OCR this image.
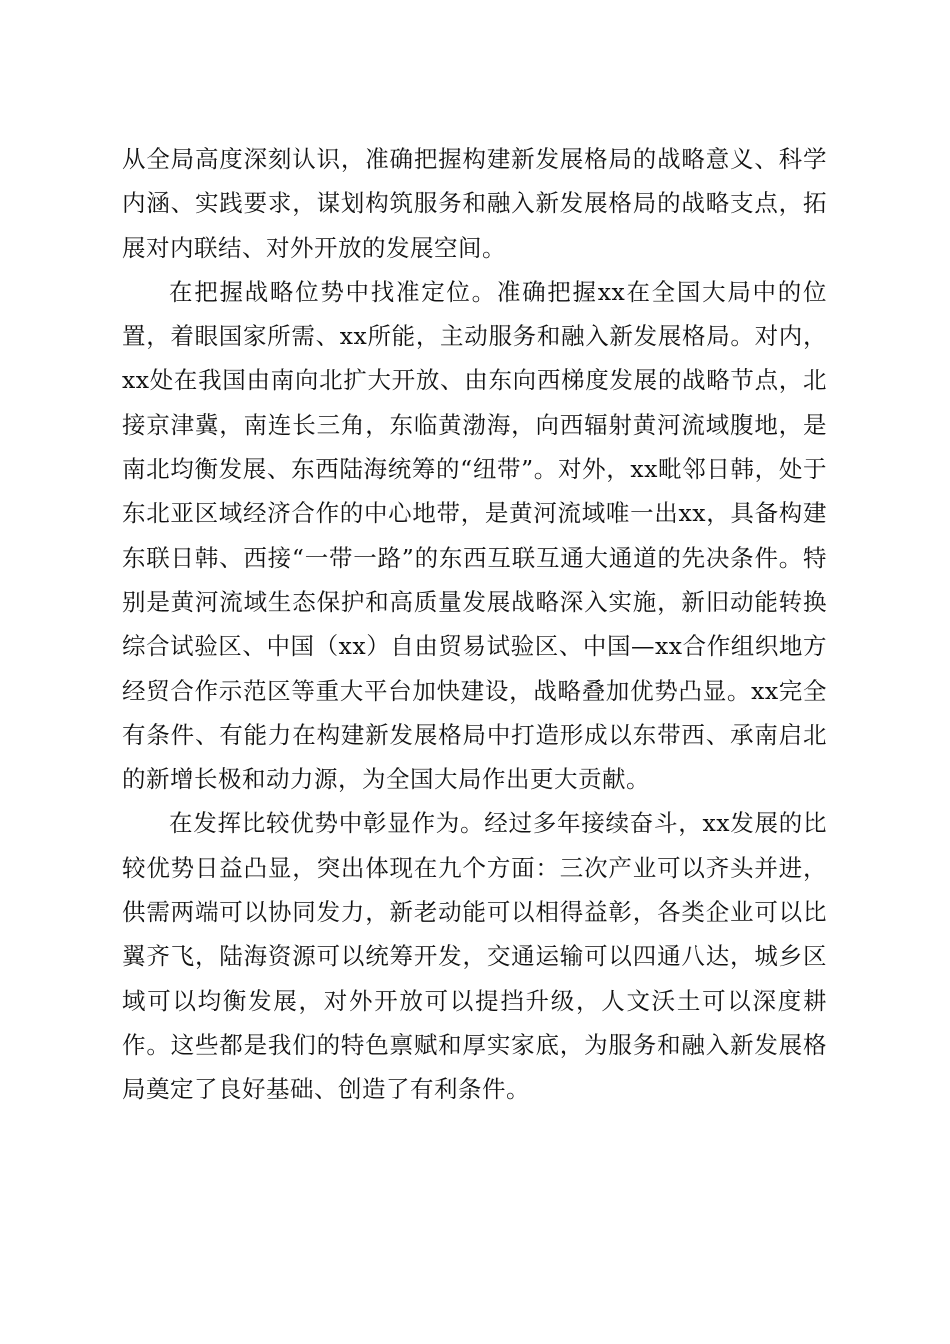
从全局高度深刻认识，准确把握构建新发展格局的战略意义、科学内涵、实践要求，谋划构筑服务和融入新发展格局的战略支点，拓展对内联结、对外开放的发展空间。

在把握战略位势中找准定位。准确把握xx在全国大局中的位置，着眼国家所需、xx所能，主动服务和融入新发展格局。对内，xx处在我国由南向北扩大开放、由东向西梯度发展的战略节点，北接京津冀，南连长三角，东临黄渤海，向西辐射黄河流域腹地，是南北均衡发展、东西陆海统筹的“纽带”。对外，xx毗邻日韩，处于东北亚区域经济合作的中心地带，是黄河流域唯一出xx，具备构建东联日韩、西接“一带一路”的东西互联互通大通道的先决条件。特别是黄河流域生态保护和高质量发展战略深入实施，新旧动能转换综合试验区、中国（xx）自由贸易试验区、中国—xx合作组织地方经贸合作示范区等重大平台加快建设，战略叠加优势凸显。xx完全有条件、有能力在构建新发展格局中打造形成以东带西、承南启北的新增长极和动力源，为全国大局作出更大贡献。

在发挥比较优势中彰显作为。经过多年接续奋斗，xx发展的比较优势日益凸显，突出体现在九个方面：三次产业可以齐头并进，供需两端可以协同发力，新老动能可以相得益彰，各类企业可以比翼齐飞，陆海资源可以统筹开发，交通运输可以四通八达，城乡区域可以均衡发展，对外开放可以提挡升级，人文沃土可以深度耕作。这些都是我们的特色禀赋和厚实家底，为服务和融入新发展格局奠定了良好基础、创造了有利条件。
